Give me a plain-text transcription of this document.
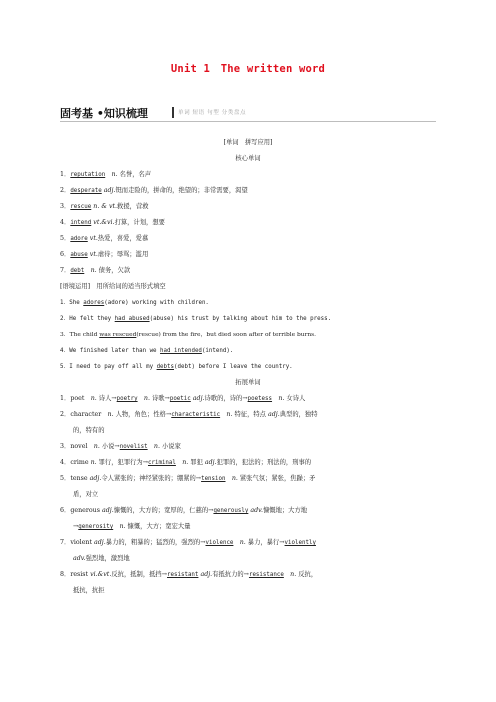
Unit 1　The written word
固考基 •知识梳理	单词 短语 句型 分类盘点
[单词　拼写应用]
核心单词
1．reputation　 n. 名誉，名声
2．desperate adj.铤而走险的，拼命的，绝望的；非常需要，渴望
3．rescue n. & vt.救援，营救
4．intend vt.&vi.打算，计划，想要
5．adore vt.热爱，喜爱，爱慕
6．abuse vt.虐待；辱骂；滥用
7．debt　 n. 债务，欠款
[语境运用]　用所给词的适当形式填空
1．She adores(adore) working with children.
2．He felt they had abused(abuse) his trust by talking about him to the press.
3．The child was rescued(rescue) from the fire，but died soon after of terrible burns.
4．We finished later than we had intended(intend).
5．I need to pay off all my debts(debt) before I leave the country.
拓展单词
1．poet　n. 诗人→poetry　 n. 诗歌→poetic adj.诗歌的，诗的→poetess　 n. 女诗人
2．character　n. 人物，角色；性格→characteristic　 n. 特征，特点 adj.典型的，独特
的，特有的
3．novel　n. 小说→novelist　 n. 小说家
4．crime n. 罪行，犯罪行为→criminal　 n. 罪犯 adj.犯罪的，犯法的；刑法的，刑事的
5．tense adj.令人紧张的；神经紧张的；绷紧的→tension　 n. 紧张气氛；紧张，焦躁；矛
盾，对立
6．generous adj.慷慨的，大方的；宽厚的，仁慈的→generously adv.慷慨地；大方地
→generosity　 n. 慷慨，大方；宽宏大量
7．violent adj.暴力的，粗暴的；猛烈的，强烈的→violence　 n. 暴力，暴行→violently
adv.强烈地，激烈地
8．resist vi.&vt.反抗，抵制，抵挡→resistant adj.有抵抗力的→resistance　 n. 反抗，
抵抗，抗拒
